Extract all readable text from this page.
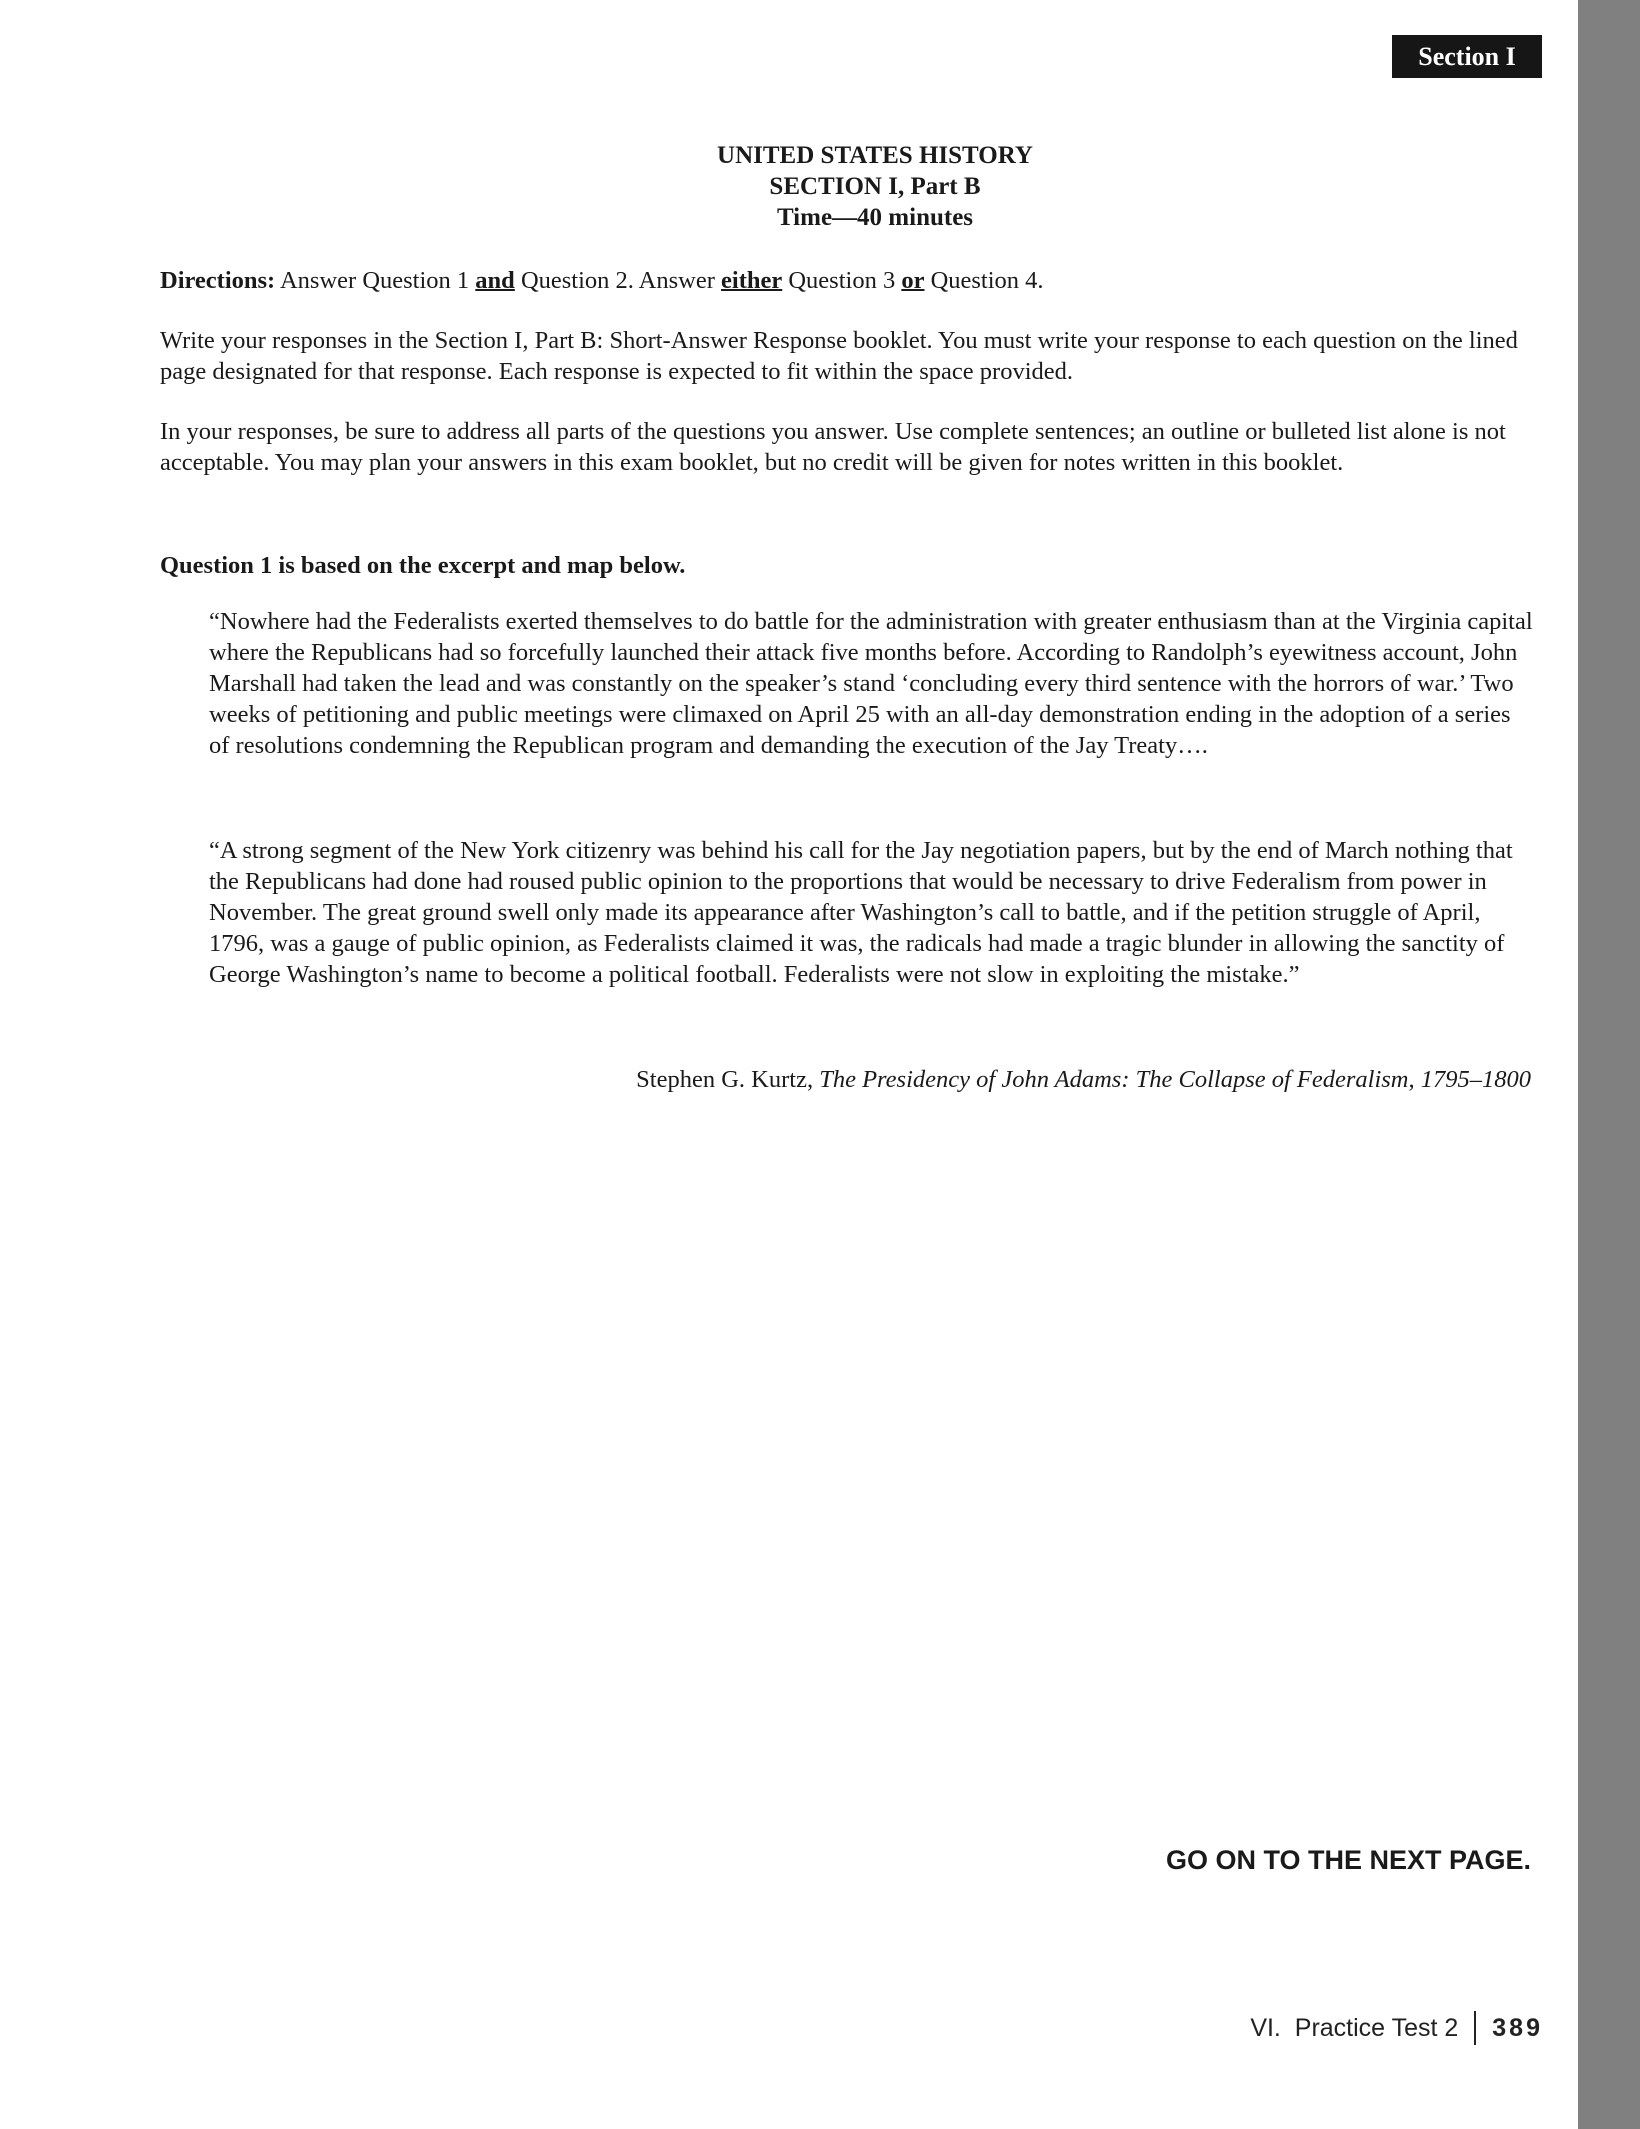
Section I
UNITED STATES HISTORY
SECTION I, Part B
Time—40 minutes
Directions: Answer Question 1 and Question 2. Answer either Question 3 or Question 4.
Write your responses in the Section I, Part B: Short-Answer Response booklet. You must write your response to each question on the lined page designated for that response. Each response is expected to fit within the space provided.
In your responses, be sure to address all parts of the questions you answer. Use complete sentences; an outline or bulleted list alone is not acceptable. You may plan your answers in this exam booklet, but no credit will be given for notes written in this booklet.
Question 1 is based on the excerpt and map below.
“Nowhere had the Federalists exerted themselves to do battle for the administration with greater enthusiasm than at the Virginia capital where the Republicans had so forcefully launched their attack five months before. According to Randolph’s eyewitness account, John Marshall had taken the lead and was constantly on the speaker’s stand ‘concluding every third sentence with the horrors of war.’ Two weeks of petitioning and public meetings were climaxed on April 25 with an all-day demonstration ending in the adoption of a series of resolutions condemning the Republican program and demanding the execution of the Jay Treaty….
“A strong segment of the New York citizenry was behind his call for the Jay negotiation papers, but by the end of March nothing that the Republicans had done had roused public opinion to the proportions that would be necessary to drive Federalism from power in November. The great ground swell only made its appearance after Washington’s call to battle, and if the petition struggle of April, 1796, was a gauge of public opinion, as Federalists claimed it was, the radicals had made a tragic blunder in allowing the sanctity of George Washington’s name to become a political football. Federalists were not slow in exploiting the mistake.”
Stephen G. Kurtz, The Presidency of John Adams: The Collapse of Federalism, 1795–1800
GO ON TO THE NEXT PAGE.
VI.  Practice Test 2 389
